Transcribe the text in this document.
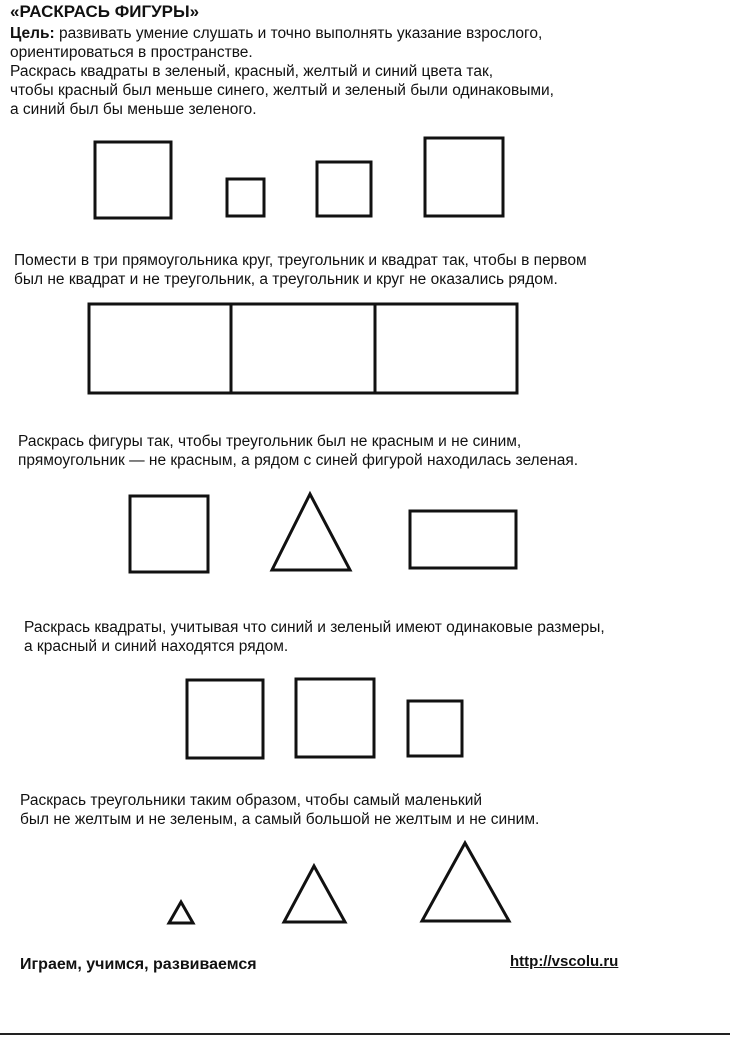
«РАСКРАСЬ ФИГУРЫ»
Цель: развивать умение слушать и точно выполнять указание взрослого,
ориентироваться в пространстве.
Раскрась квадраты в зеленый, красный, желтый и синий цвета так,
чтобы красный был меньше синего, желтый и зеленый были одинаковыми,
а синий был бы меньше зеленого.
Помести в три прямоугольника круг, треугольник и квадрат так, чтобы в первом
был не квадрат и не треугольник, а треугольник и круг не оказались рядом.
Раскрась фигуры так, чтобы треугольник был не красным и не синим,
прямоугольник — не красным, а рядом с синей фигурой находилась зеленая.
Раскрась квадраты, учитывая что синий и зеленый имеют одинаковые размеры,
а красный и синий находятся рядом.
Раскрась треугольники таким образом, чтобы самый маленький
был не желтым и не зеленым, а самый большой не желтым и не синим.
Играем, учимся, развиваемся	http://vscolu.ru
